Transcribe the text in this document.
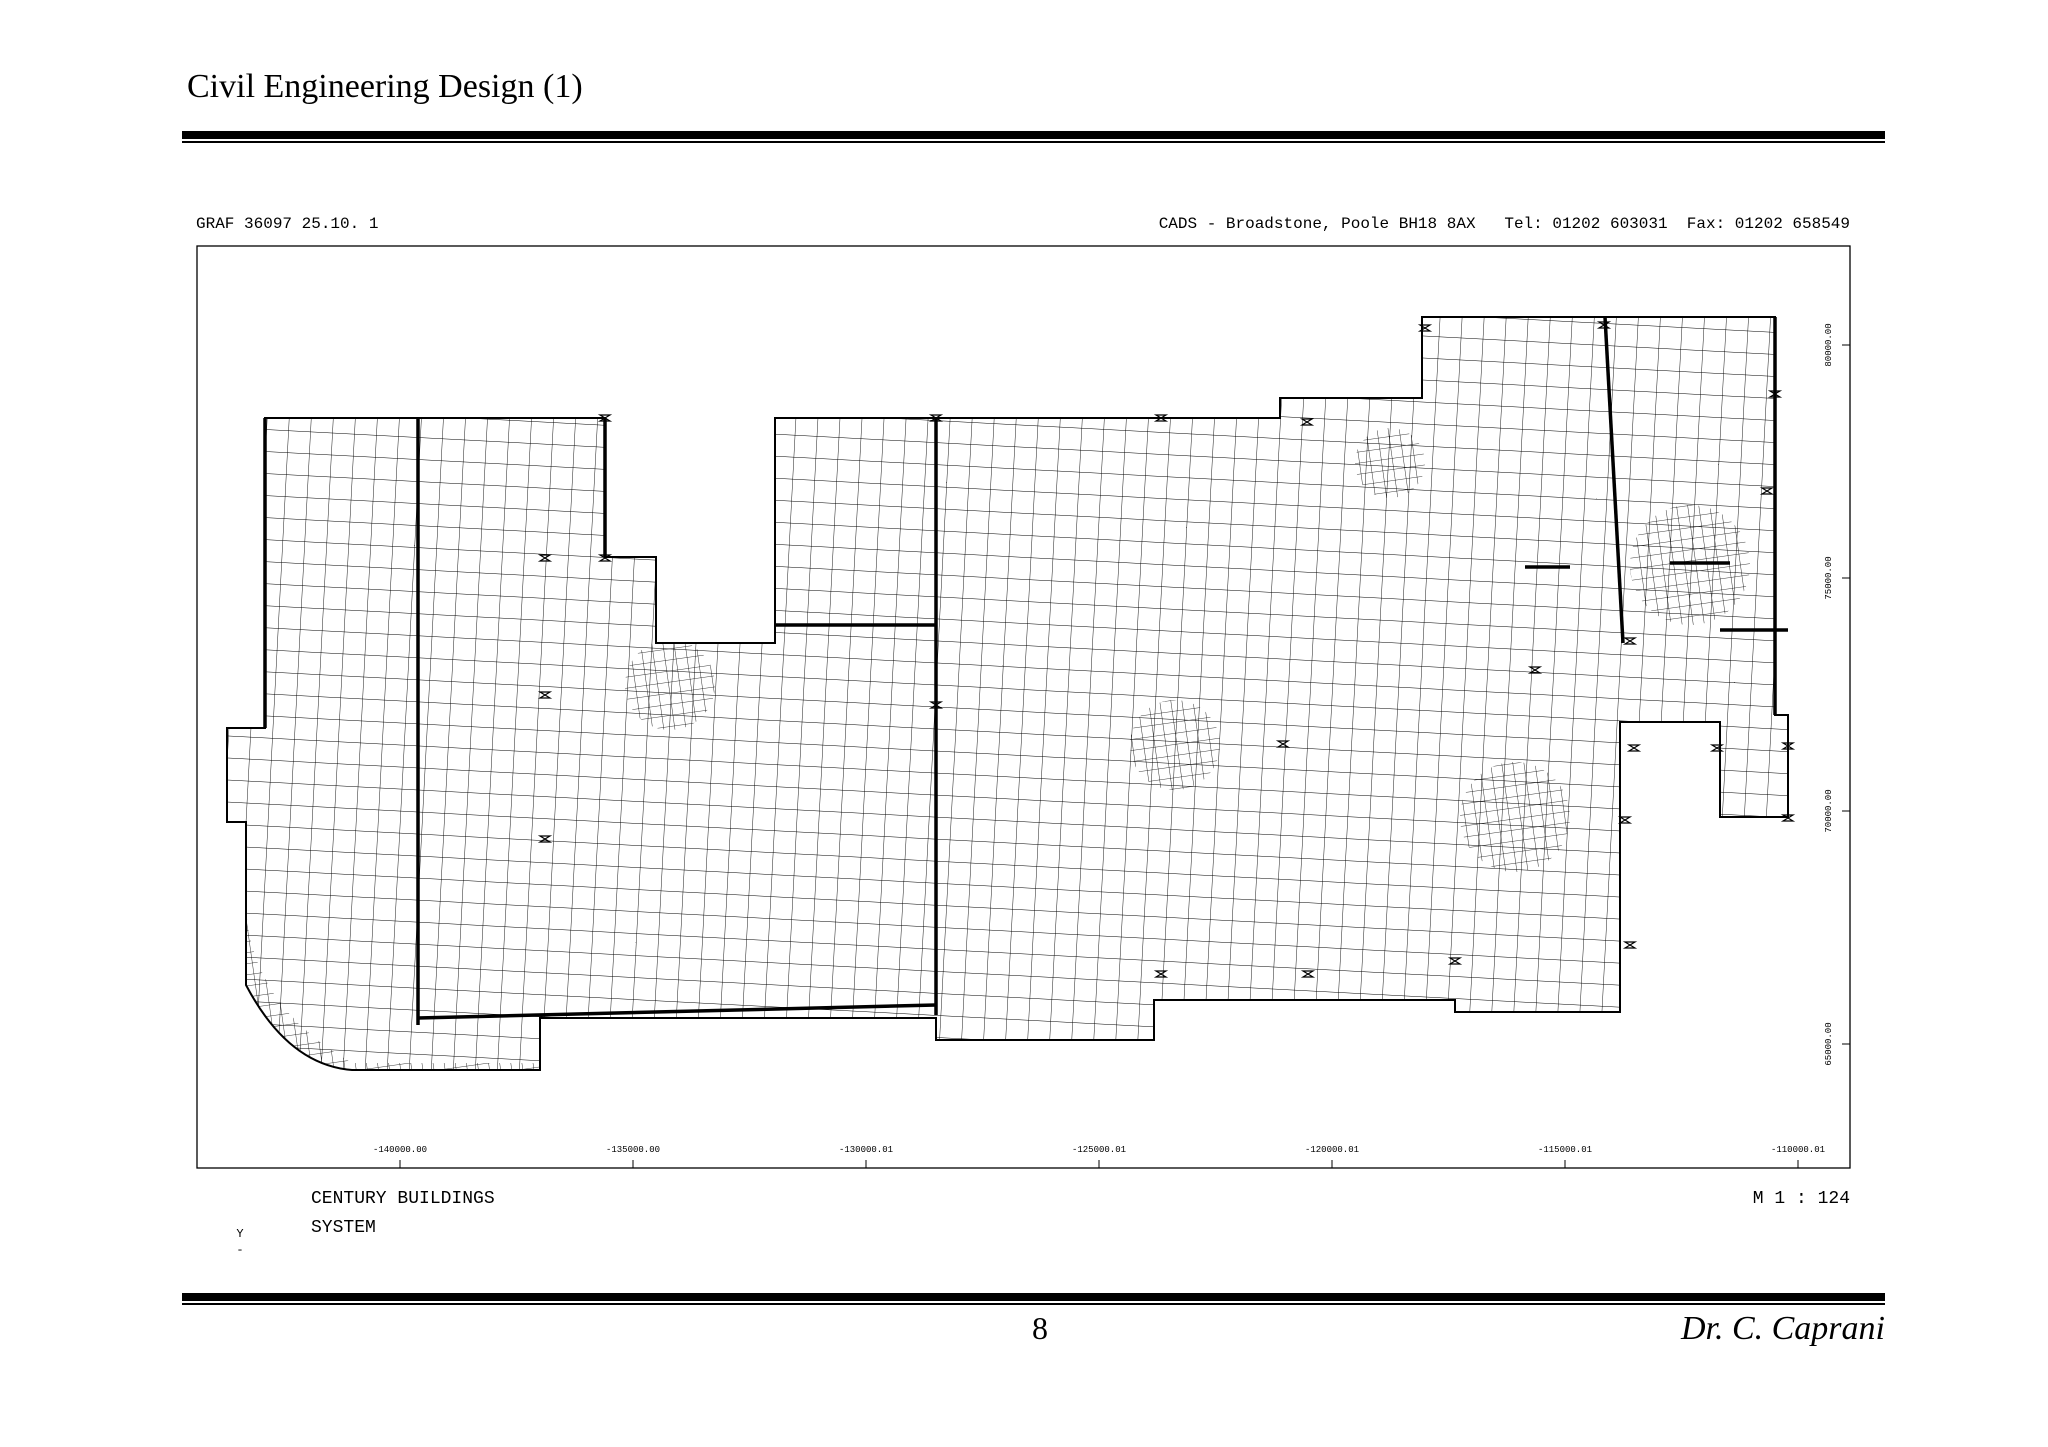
Civil Engineering Design (1)
GRAF 36097 25.10. 1	CADS - Broadstone, Poole BH18 8AX   Tel: 01202 603031  Fax: 01202 658549
-140000.00	-135000.00	-130000.01	-125000.01	-120000.01	-115000.01	-110000.01
80000.00
75000.00
70000.00
65000.00
CENTURY BUILDINGS
SYSTEM
M 1 : 124
Y
-
8	Dr. C. Caprani
